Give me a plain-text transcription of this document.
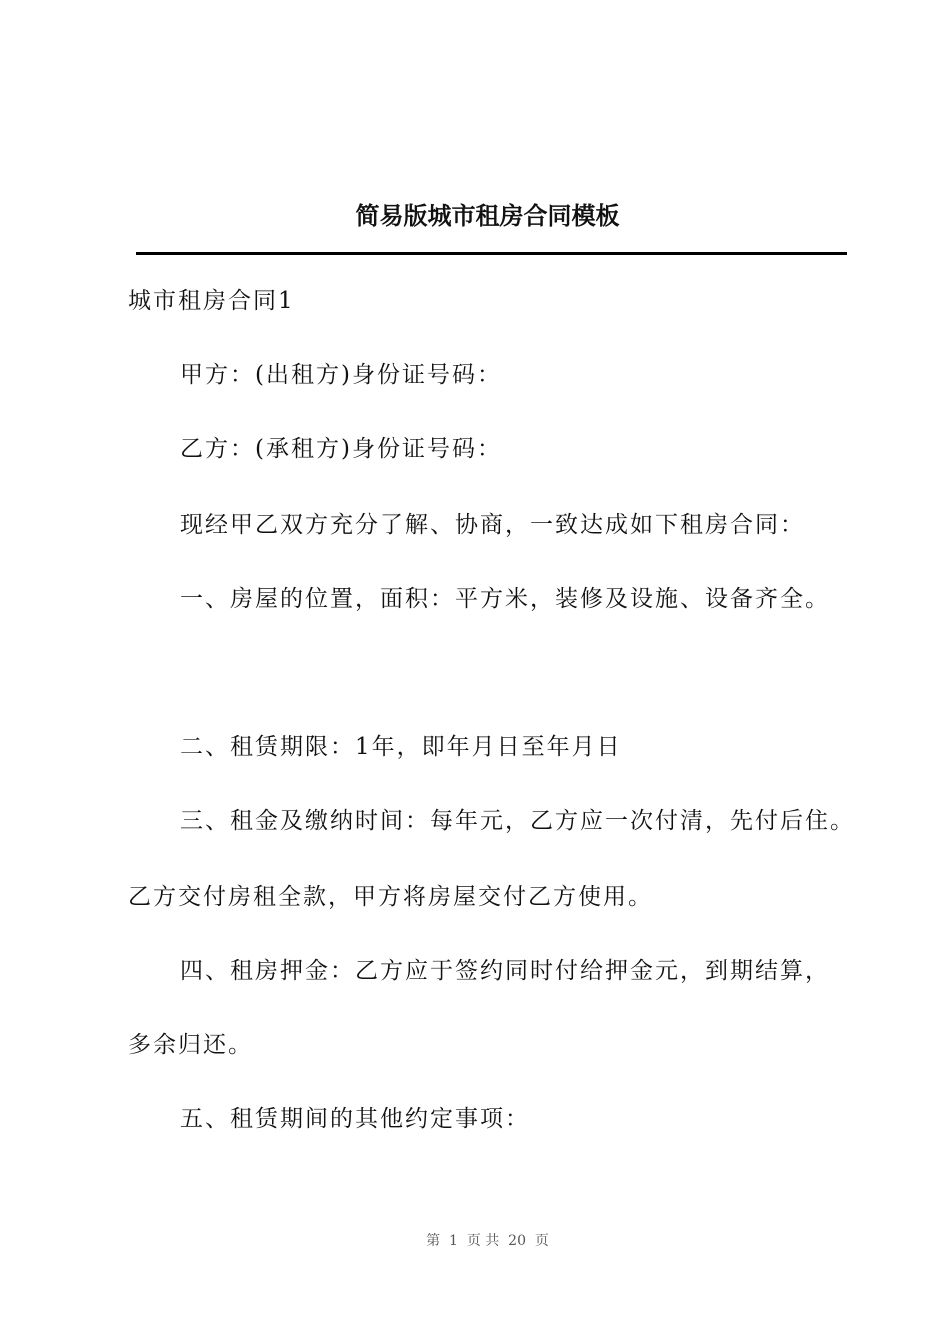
简易版城市租房合同模板
城市租房合同1
甲方：(出租方)身份证号码：
乙方：(承租方)身份证号码：
现经甲乙双方充分了解、协商，一致达成如下租房合同：
一、房屋的位置，面积：平方米，装修及设施、设备齐全。
二、租赁期限：1年，即年月日至年月日
三、租金及缴纳时间：每年元，乙方应一次付清，先付后住。
乙方交付房租全款，甲方将房屋交付乙方使用。
四、租房押金：乙方应于签约同时付给押金元，到期结算，
多余归还。
五、租赁期间的其他约定事项：
第  1  页 共  20  页
